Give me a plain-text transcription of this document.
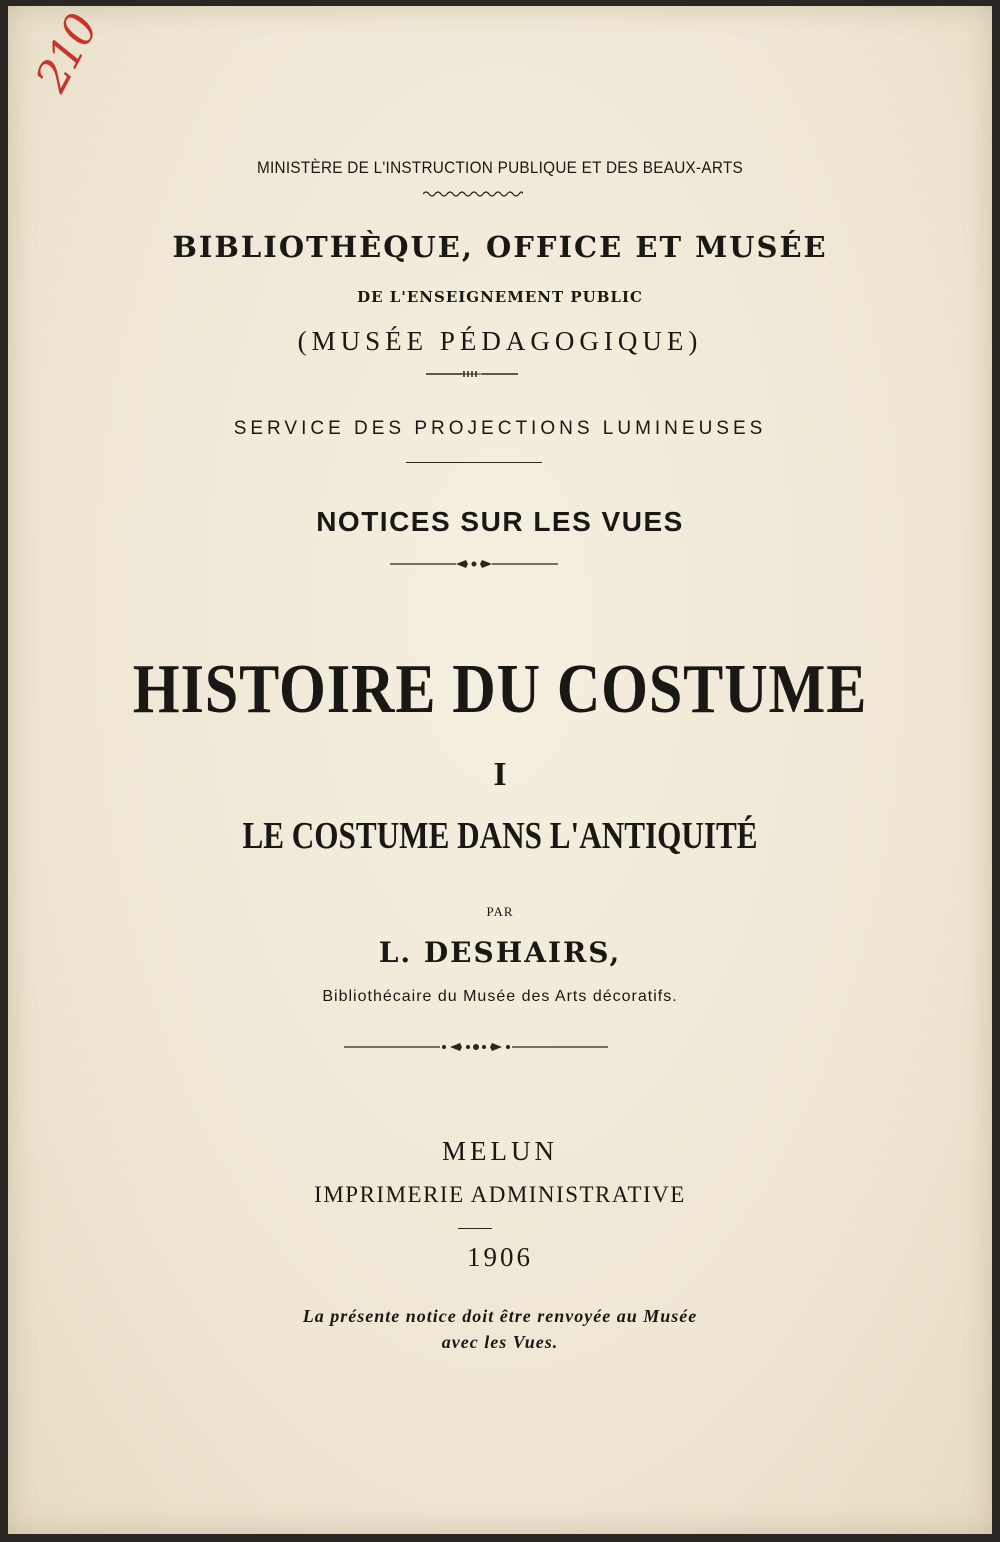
210
MINISTÈRE DE L'INSTRUCTION PUBLIQUE ET DES BEAUX-ARTS
BIBLIOTHÈQUE, OFFICE ET MUSÉE
DE L'ENSEIGNEMENT PUBLIC
(MUSÉE PÉDAGOGIQUE)
SERVICE DES PROJECTIONS LUMINEUSES
NOTICES SUR LES VUES
HISTOIRE DU COSTUME
I
LE COSTUME DANS L'ANTIQUITÉ
PAR
L. DESHAIRS,
Bibliothécaire du Musée des Arts décoratifs.
MELUN
IMPRIMERIE ADMINISTRATIVE
1906
La présente notice doit être renvoyée au Musée
avec les Vues.
